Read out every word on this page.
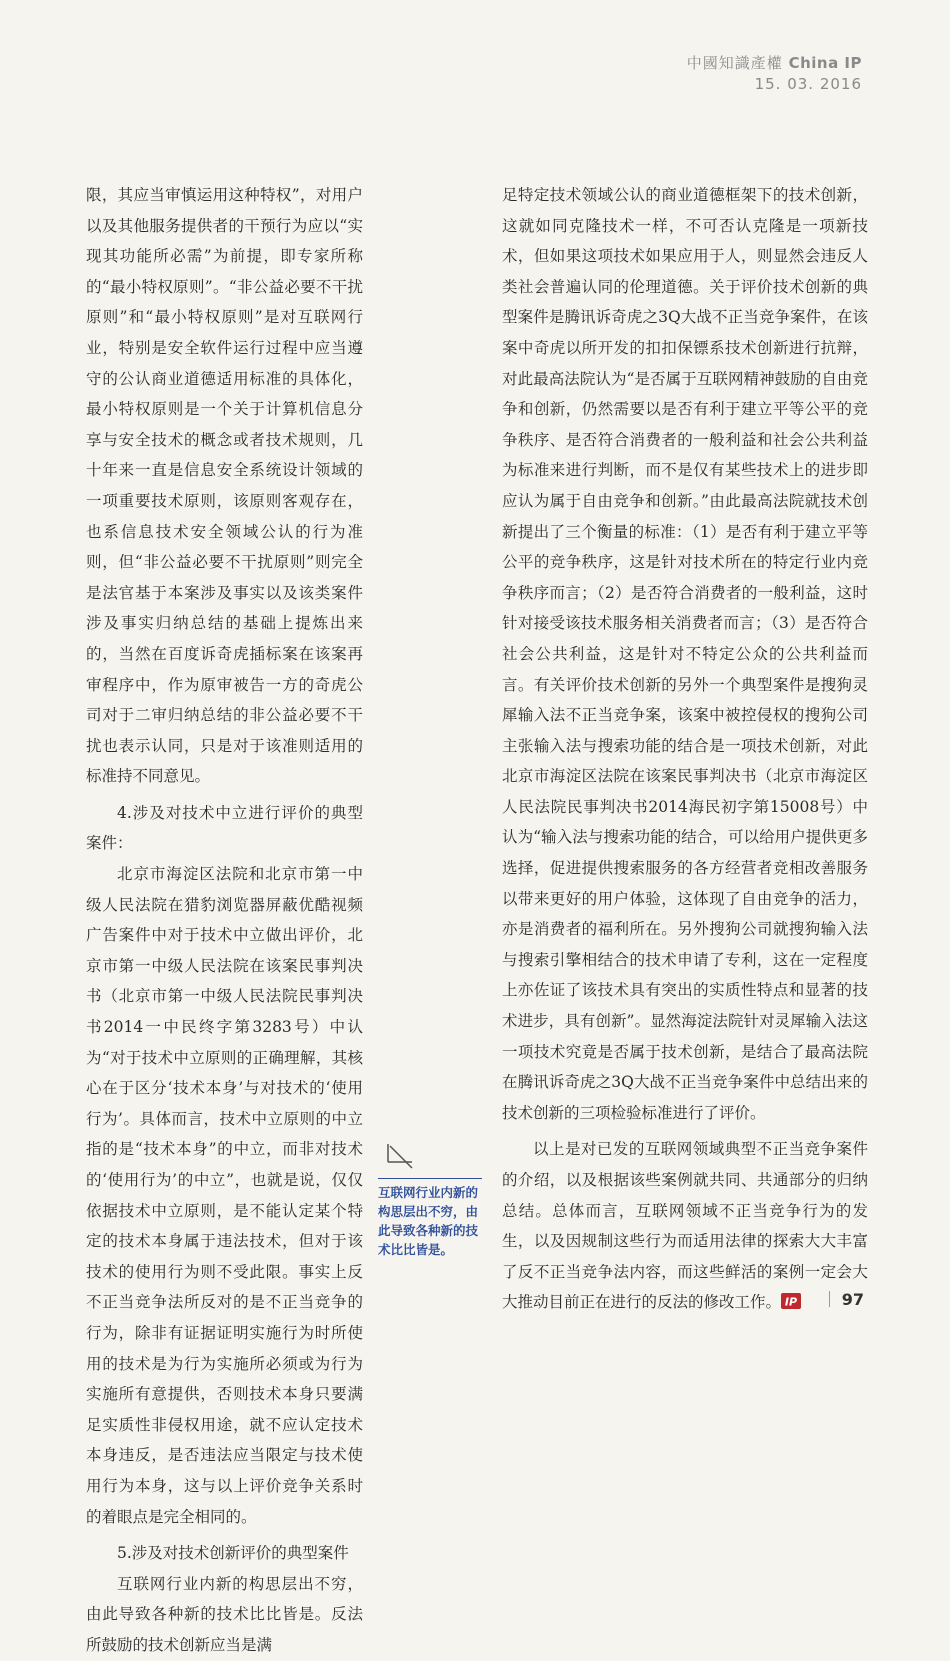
中國知識產權 China IP
15. 03. 2016

限，其应当审慎运用这种特权”，对用户以及其他服务提供者的干预行为应以“实现其功能所必需”为前提，即专家所称的“最小特权原则”。“非公益必要不干扰原则”和“最小特权原则”是对互联网行业，特别是安全软件运行过程中应当遵守的公认商业道德适用标准的具体化，最小特权原则是一个关于计算机信息分享与安全技术的概念或者技术规则，几十年来一直是信息安全系统设计领域的一项重要技术原则，该原则客观存在，也系信息技术安全领域公认的行为准则，但“非公益必要不干扰原则”则完全是法官基于本案涉及事实以及该类案件涉及事实归纳总结的基础上提炼出来的，当然在百度诉奇虎插标案在该案再审程序中，作为原审被告一方的奇虎公司对于二审归纳总结的非公益必要不干扰也表示认同，只是对于该准则适用的标准持不同意见。

4.涉及对技术中立进行评价的典型案件：

北京市海淀区法院和北京市第一中级人民法院在猎豹浏览器屏蔽优酷视频广告案件中对于技术中立做出评价，北京市第一中级人民法院在该案民事判决书（北京市第一中级人民法院民事判决书2014一中民终字第3283号）中认为“对于技术中立原则的正确理解，其核心在于区分‘技术本身’与对技术的‘使用行为’。具体而言，技术中立原则的中立指的是“技术本身”的中立，而非对技术的‘使用行为’的中立”，也就是说，仅仅依据技术中立原则，是不能认定某个特定的技术本身属于违法技术，但对于该技术的使用行为则不受此限。事实上反不正当竞争法所反对的是不正当竞争的行为，除非有证据证明实施行为时所使用的技术是为行为实施所必须或为行为实施所有意提供，否则技术本身只要满足实质性非侵权用途，就不应认定技术本身违反，是否违法应当限定与技术使用行为本身，这与以上评价竞争关系时的着眼点是完全相同的。

5.涉及对技术创新评价的典型案件

互联网行业内新的构思层出不穷，由此导致各种新的技术比比皆是。反法所鼓励的技术创新应当是满

互联网行业内新的构思层出不穷，由此导致各种新的技术比比皆是。

足特定技术领域公认的商业道德框架下的技术创新，这就如同克隆技术一样，不可否认克隆是一项新技术，但如果这项技术如果应用于人，则显然会违反人类社会普遍认同的伦理道德。关于评价技术创新的典型案件是腾讯诉奇虎之3Q大战不正当竞争案件，在该案中奇虎以所开发的扣扣保镖系技术创新进行抗辩，对此最高法院认为“是否属于互联网精神鼓励的自由竞争和创新，仍然需要以是否有利于建立平等公平的竞争秩序、是否符合消费者的一般利益和社会公共利益为标准来进行判断，而不是仅有某些技术上的进步即应认为属于自由竞争和创新。”由此最高法院就技术创新提出了三个衡量的标准：（1）是否有利于建立平等公平的竞争秩序，这是针对技术所在的特定行业内竞争秩序而言；（2）是否符合消费者的一般利益，这时针对接受该技术服务相关消费者而言；（3）是否符合社会公共利益，这是针对不特定公众的公共利益而言。有关评价技术创新的另外一个典型案件是搜狗灵犀输入法不正当竞争案，该案中被控侵权的搜狗公司主张输入法与搜索功能的结合是一项技术创新，对此北京市海淀区法院在该案民事判决书（北京市海淀区人民法院民事判决书2014海民初字第15008号）中认为“输入法与搜索功能的结合，可以给用户提供更多选择，促进提供搜索服务的各方经营者竞相改善服务以带来更好的用户体验，这体现了自由竞争的活力，亦是消费者的福利所在。另外搜狗公司就搜狗输入法与搜索引擎相结合的技术申请了专利，这在一定程度上亦佐证了该技术具有突出的实质性特点和显著的技术进步，具有创新”。显然海淀法院针对灵犀输入法这一项技术究竟是否属于技术创新，是结合了最高法院在腾讯诉奇虎之3Q大战不正当竞争案件中总结出来的技术创新的三项检验标准进行了评价。

以上是对已发的互联网领域典型不正当竞争案件的介绍，以及根据该些案例就共同、共通部分的归纳总结。总体而言，互联网领域不正当竞争行为的发生，以及因规制这些行为而适用法律的探索大大丰富了反不正当竞争法内容，而这些鲜活的案例一定会大大推动目前正在进行的反法的修改工作。 IP	97
